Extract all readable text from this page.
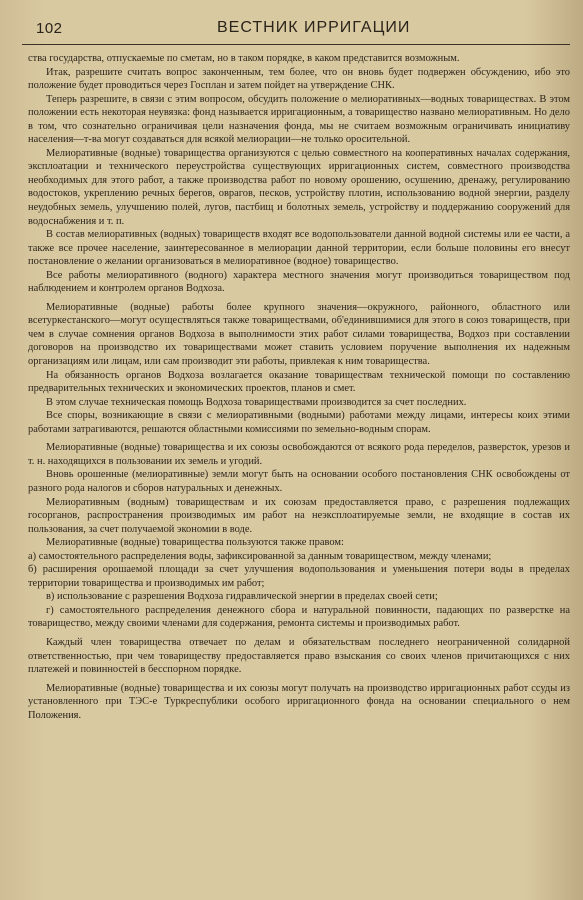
102	ВЕСТНИК ИРРИГАЦИИ

ства государства, отпускаемые по сметам, но в таком порядке, в каком представится возможным.

Итак, разрешите считать вопрос законченным, тем более, что он вновь будет подвержен обсуждению, ибо это положение будет проводиться через Госплан и затем пойдет на утверждение СНК.

Теперь разрешите, в связи с этим вопросом, обсудить положение о мелиоративных—водных товариществах. В этом положении есть некоторая неувязка: фонд называется ирригационным, а товарищество названо мелиоративным. Но дело в том, что сознательно ограничивая цели назначения фонда, мы не считаем возможным ограничивать инициативу населения—т-ва могут создаваться для всякой мелиорации—не только оросительной.

Мелиоративные (водные) товарищества организуются с целью совместного на кооперативных началах содержания, эксплоатации и технического переустройства существующих ирригационных систем, совместного производства необходимых для этого работ, а также производства работ по новому орошению, осушению, дренажу, регулированию водостоков, укреплению речных берегов, оврагов, песков, устройству плотин, использованию водной энергии, разделу неудобных земель, улучшению полей, лугов, пастбищ и болотных земель, устройству и поддержанию сооружений для водоснабжения и т. п.

В состав мелиоративных (водных) товариществ входят все водопользователи данной водной системы или ее части, а также все прочее население, заинтересованное в мелиорации данной территории, если больше половины его внесут постановление о желании организоваться в мелиоративное (водное) товарищество.

Все работы мелиоративного (водного) характера местного значения могут производиться товариществом под наблюдением и контролем органов Водхоза.

Мелиоративные (водные) работы более крупного значения—окружного, районного, областного или всетуркестанского—могут осуществляться также товариществами, об'единившимися для этого в союз товариществ, при чем в случае сомнения органов Водхоза в выполнимости этих работ силами товарищества, Водхоз при составлении договоров на производство их товариществами может ставить условием поручение выполнения их надежным организациям или лицам, или сам производит эти работы, привлекая к ним товарищества.

На обязанность органов Водхоза возлагается оказание товариществам технической помощи по составлению предварительных технических и экономических проектов, планов и смет.

В этом случае техническая помощь Водхоза товариществами производится за счет последних.

Все споры, возникающие в связи с мелиоративными (водными) работами между лицами, интересы коих этими работами затрагиваются, решаются областными комиссиями по земельно-водным спорам.

Мелиоративные (водные) товарищества и их союзы освобождаются от всякого рода переделов, разверсток, урезов и т. н. находящихся в пользовании их земель и угодий.

Вновь орошенные (мелиоративные) земли могут быть на основании особого постановления СНК освобождены от разного рода налогов и сборов натуральных и денежных.

Мелиоративным (водным) товариществам и их союзам предоставляется право, с разрешения подлежащих госорганов, распространения производимых им работ на неэксплоатируемые земли, не входящие в состав их пользования, за счет получаемой экономии в воде.

Мелиоративные (водные) товарищества пользуются также правом:

а) самостоятельного распределения воды, зафиксированной за данным товариществом, между членами;

б) расширения орошаемой площади за счет улучшения водопользования и уменьшения потери воды в пределах территории товарищества и производимых им работ;

в) использование с разрешения Водхоза гидравлической энергии в пределах своей сети;

г) самостоятельного распределения денежного сбора и натуральной повинности, падающих по разверстке на товарищество, между своими членами для содержания, ремонта системы и производимых работ.

Каждый член товарищества отвечает по делам и обязательствам последнего неограниченной солидарной ответственностью, при чем товариществу предоставляется право взыскания со своих членов причитающихся с них платежей и повинностей в бесспорном порядке.

Мелиоративные (водные) товарищества и их союзы могут получать на производство ирригационных работ ссуды из установленного при ТЭС-е Туркреспублики особого ирригационного фонда на основании специального о нем Положения.
